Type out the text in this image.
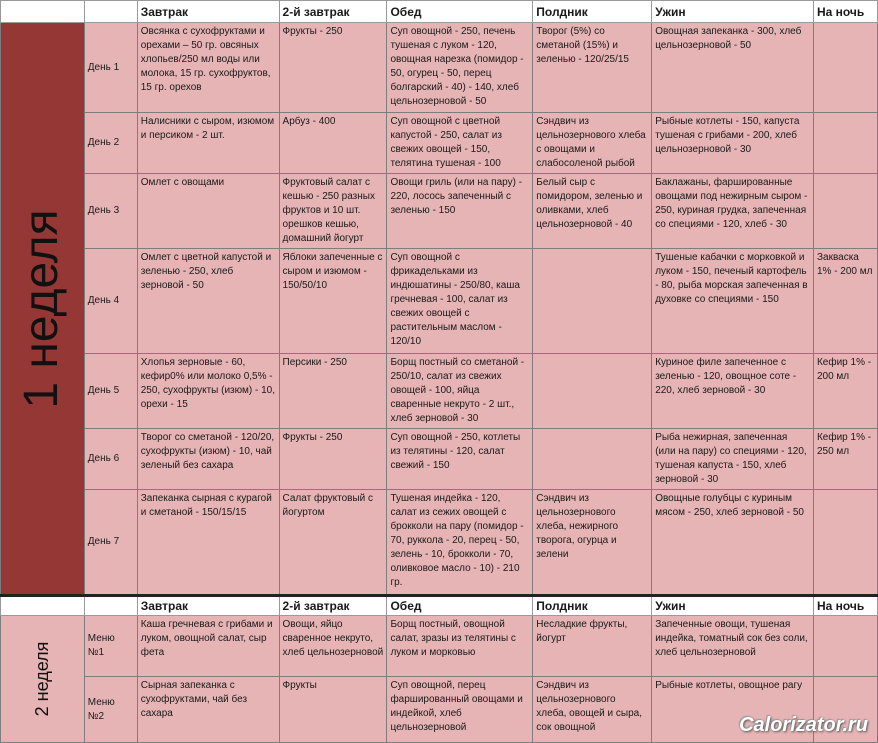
		Завтрак	2-й завтрак	Обед	Полдник	Ужин	На ночь

1 неделя	День 1	Овсянка с сухофруктами и орехами – 50 гр. овсяных хлопьев/250 мл воды или молока, 15 гр. сухофруктов, 15 гр. орехов	Фрукты - 250	Суп овощной - 250, печень тушеная с луком - 120, овощная нарезка (помидор - 50, огурец - 50, перец болгарский - 40) - 140, хлеб цельнозерновой - 50	Творог (5%) со сметаной (15%) и зеленью - 120/25/15	Овощная запеканка - 300, хлеб цельнозерновой - 50	
	День 2	Налисники с сыром, изюмом и персиком - 2 шт.	Арбуз - 400	Суп овощной с цветной капустой - 250, салат из свежих овощей - 150, телятина тушеная - 100	Сэндвич из цельнозернового хлеба с овощами и слабосоленой рыбой	Рыбные котлеты - 150, капуста тушеная с грибами - 200, хлеб цельнозерновой - 30	
	День 3	Омлет с овощами	Фруктовый салат с кешью - 250 разных фруктов и 10 шт. орешков кешью, домашний йогурт	Овощи гриль (или на пару) - 220, лосось запеченный с зеленью - 150	Белый сыр с помидором, зеленью и оливками, хлеб цельнозерновой - 40	Баклажаны, фаршированные овощами под нежирным сыром - 250, куриная грудка, запеченная со специями - 120, хлеб - 30	
	День 4	Омлет с цветной капустой и зеленью - 250, хлеб зерновой - 50	Яблоки запеченные с сыром и изюмом - 150/50/10	Суп овощной с фрикадельками из индюшатины - 250/80, каша гречневая - 100, салат из свежих овощей с растительным маслом - 120/10		Тушеные кабачки с морковкой и луком - 150, печеный картофель - 80, рыба морская запеченная в духовке со специями - 150	Закваска 1% - 200 мл
	День 5	Хлопья зерновые - 60, кефир0% или молоко 0,5% - 250, сухофрукты (изюм) - 10, орехи - 15	Персики - 250	Борщ постный со сметаной - 250/10, салат из свежих овощей - 100, яйца сваренные некруто - 2 шт., хлеб зерновой - 30		Куриное филе запеченное с зеленью - 120, овощное соте - 220, хлеб зерновой - 30	Кефир 1% - 200 мл
	День 6	Творог со сметаной - 120/20, сухофрукты (изюм) - 10, чай зеленый без сахара	Фрукты - 250	Суп овощной - 250, котлеты из телятины - 120, салат свежий - 150		Рыба нежирная, запеченная (или на пару) со специями - 120, тушеная капуста - 150, хлеб зерновой - 30	Кефир 1% - 250 мл
	День 7	Запеканка сырная с курагой и сметаной - 150/15/15	Салат фруктовый с йогуртом	Тушеная индейка - 120, салат из сежих овощей с брокколи на пару (помидор - 70, руккола - 20, перец - 50, зелень - 10, брокколи - 70, оливковое масло - 10) - 210 гр.	Сэндвич из цельнозернового хлеба, нежирного творога, огурца и зелени	Овощные голубцы с куриным мясом - 250, хлеб зерновой - 50	
		Завтрак	2-й завтрак	Обед	Полдник	Ужин	На ночь

2 неделя	Меню №1	Каша гречневая с грибами и луком, овощной салат, сыр фета	Овощи, яйцо сваренное некруто, хлеб цельнозерновой	Борщ постный, овощной салат, зразы из телятины с луком и морковью	Несладкие фрукты, йогурт	Запеченные овощи, тушеная индейка, томатный сок без соли, хлеб цельнозерновой	
	Меню №2	Сырная запеканка с сухофруктами, чай без сахара	Фрукты	Суп овощной, перец фаршированный овощами и индейкой, хлеб цельнозерновой	Сэндвич из цельнозернового хлеба, овощей и сыра, сок овощной	Рыбные котлеты, овощное рагу	
Calorizator.ru
